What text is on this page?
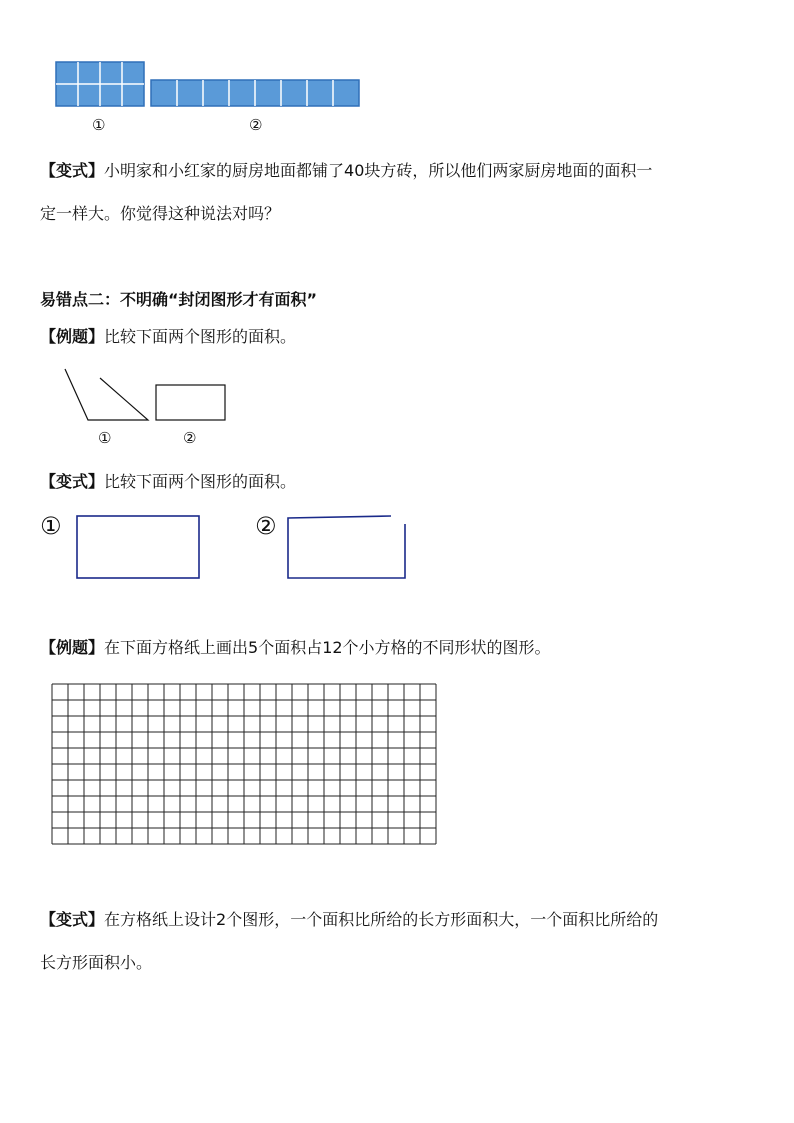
①	②
【变式】小明家和小红家的厨房地面都铺了40块方砖，所以他们两家厨房地面的面积一
定一样大。你觉得这种说法对吗？
易错点二：不明确“封闭图形才有面积”
【例题】比较下面两个图形的面积。
①	②
【变式】比较下面两个图形的面积。
①	②
【例题】在下面方格纸上画出5个面积占12个小方格的不同形状的图形。
【变式】在方格纸上设计2个图形，一个面积比所给的长方形面积大，一个面积比所给的
长方形面积小。
